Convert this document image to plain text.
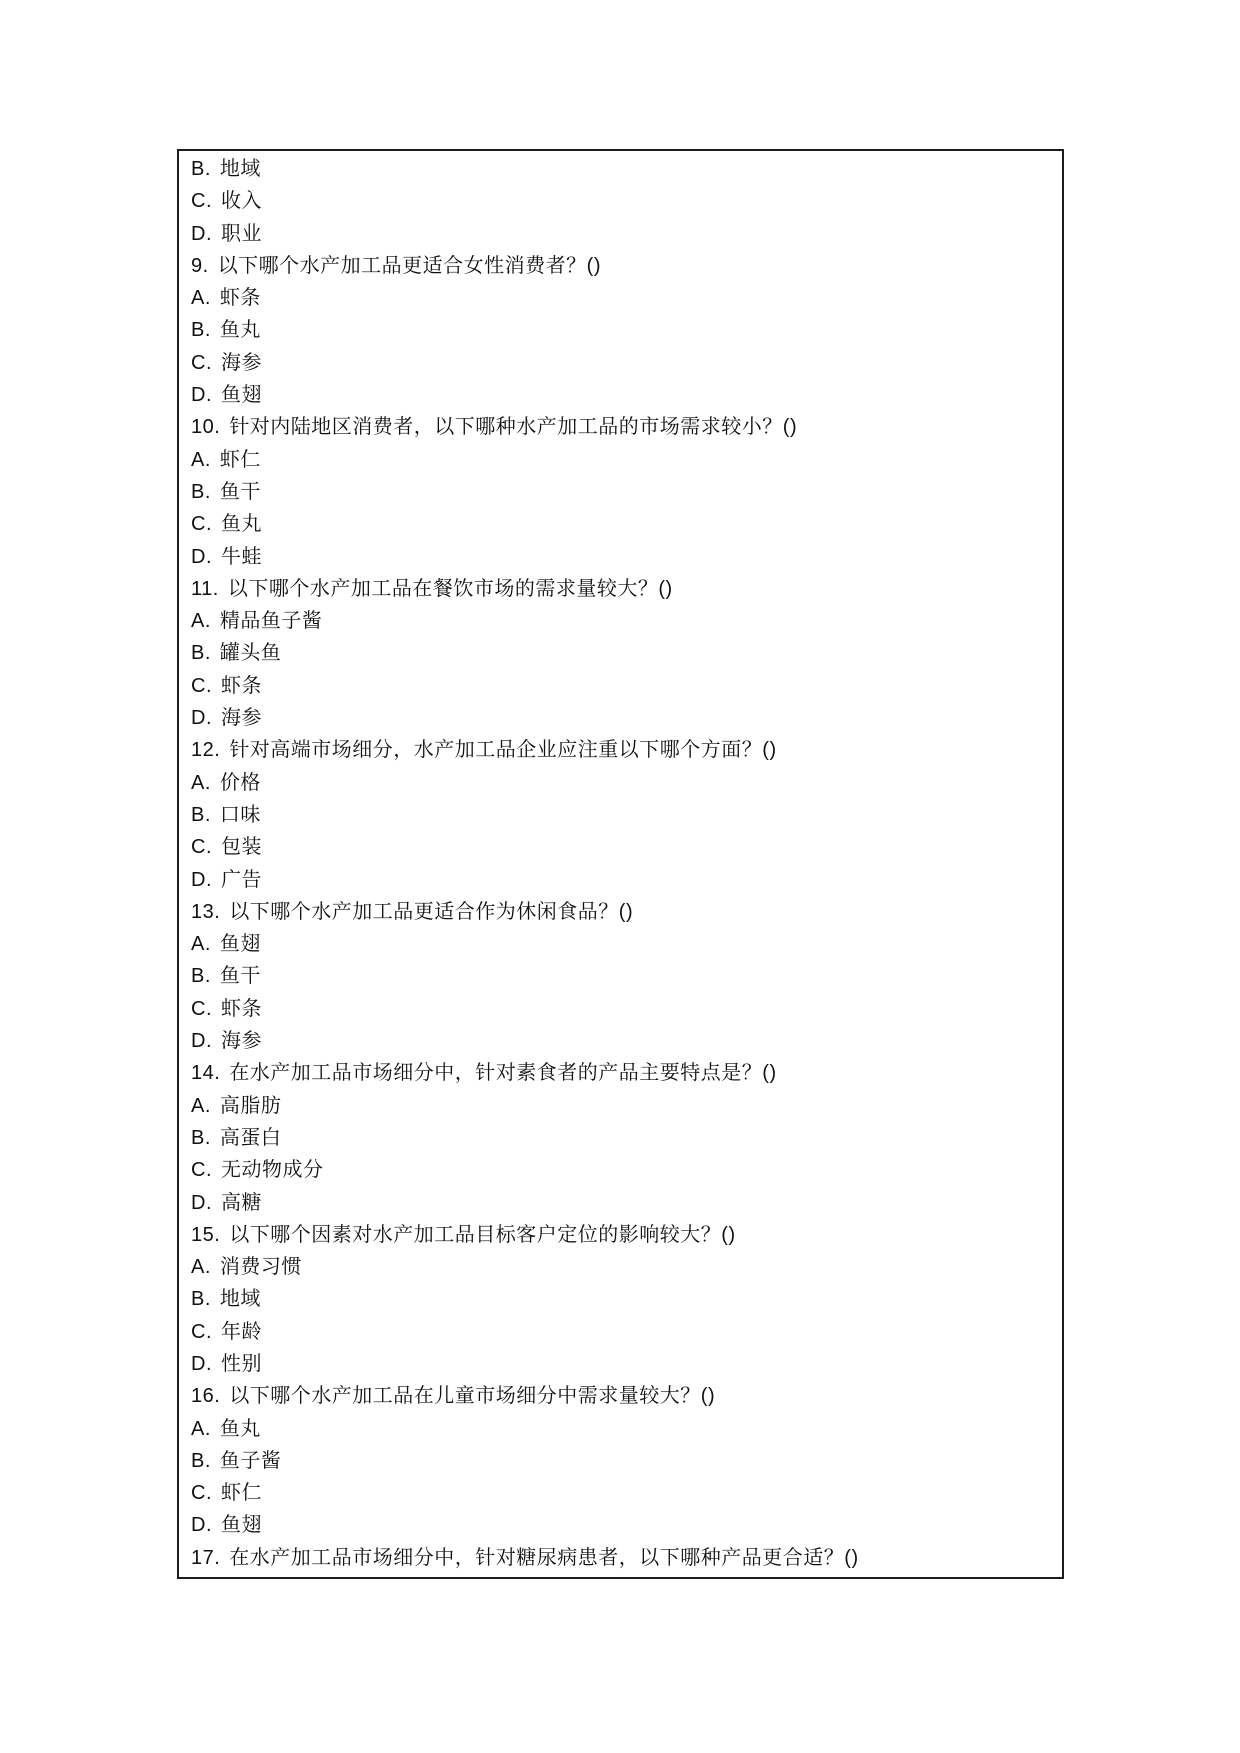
B. 地域

C. 收入

D. 职业

9. 以下哪个水产加工品更适合女性消费者？()

A. 虾条

B. 鱼丸

C. 海参

D. 鱼翅

10. 针对内陆地区消费者，以下哪种水产加工品的市场需求较小？()

A. 虾仁

B. 鱼干

C. 鱼丸

D. 牛蛙

11. 以下哪个水产加工品在餐饮市场的需求量较大？()

A. 精品鱼子酱

B. 罐头鱼

C. 虾条

D. 海参

12. 针对高端市场细分，水产加工品企业应注重以下哪个方面？()

A. 价格

B. 口味

C. 包装

D. 广告

13. 以下哪个水产加工品更适合作为休闲食品？()

A. 鱼翅

B. 鱼干

C. 虾条

D. 海参

14. 在水产加工品市场细分中，针对素食者的产品主要特点是？()

A. 高脂肪

B. 高蛋白

C. 无动物成分

D. 高糖

15. 以下哪个因素对水产加工品目标客户定位的影响较大？()

A. 消费习惯

B. 地域

C. 年龄

D. 性别

16. 以下哪个水产加工品在儿童市场细分中需求量较大？()

A. 鱼丸

B. 鱼子酱

C. 虾仁

D. 鱼翅

17. 在水产加工品市场细分中，针对糖尿病患者，以下哪种产品更合适？()
